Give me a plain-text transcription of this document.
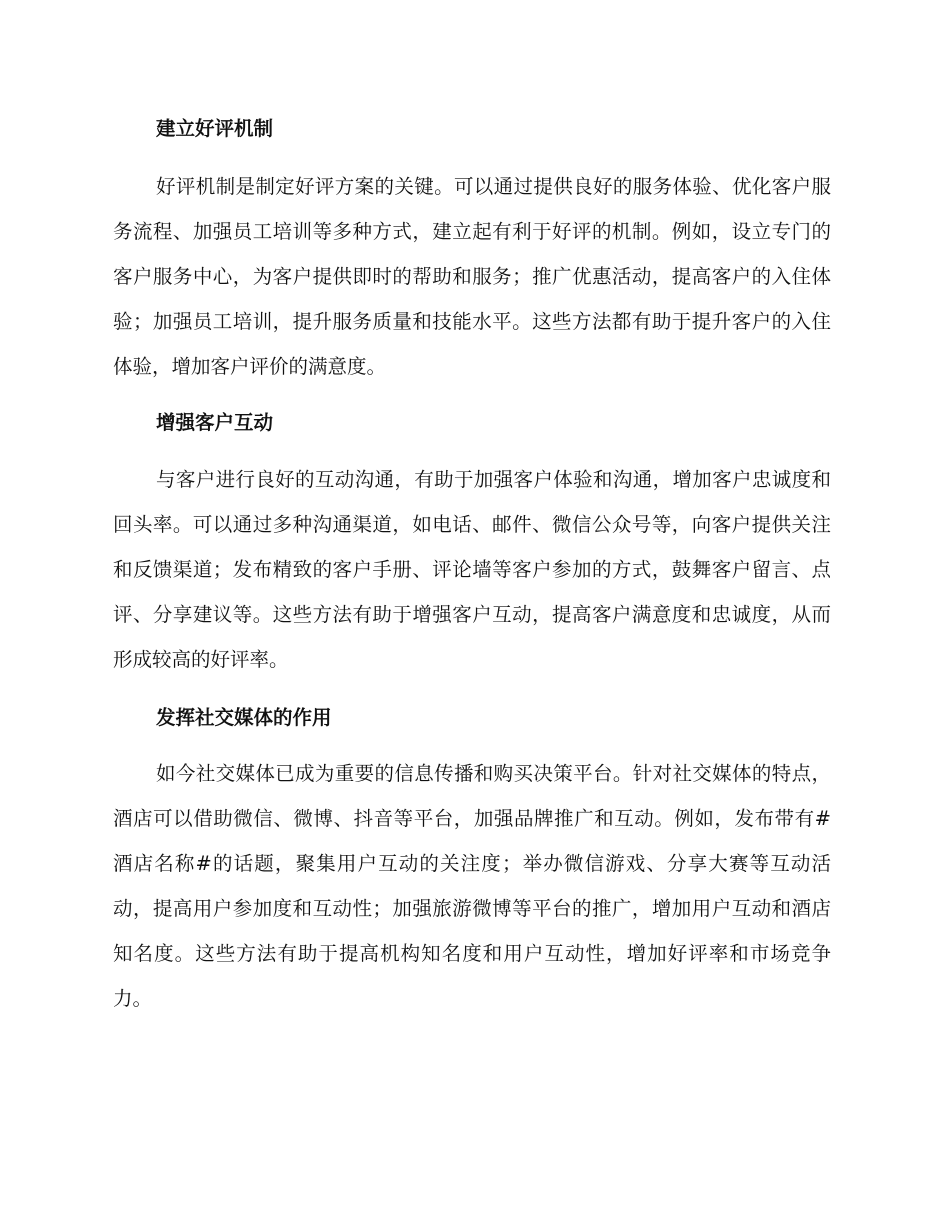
建立好评机制

好评机制是制定好评方案的关键。可以通过提供良好的服务体验、优化客户服务流程、加强员工培训等多种方式，建立起有利于好评的机制。例如，设立专门的客户服务中心，为客户提供即时的帮助和服务；推广优惠活动，提高客户的入住体验；加强员工培训，提升服务质量和技能水平。这些方法都有助于提升客户的入住体验，增加客户评价的满意度。

增强客户互动

与客户进行良好的互动沟通，有助于加强客户体验和沟通，增加客户忠诚度和回头率。可以通过多种沟通渠道，如电话、邮件、微信公众号等，向客户提供关注和反馈渠道；发布精致的客户手册、评论墙等客户参加的方式，鼓舞客户留言、点评、分享建议等。这些方法有助于增强客户互动，提高客户满意度和忠诚度，从而形成较高的好评率。

发挥社交媒体的作用

如今社交媒体已成为重要的信息传播和购买决策平台。针对社交媒体的特点，酒店可以借助微信、微博、抖音等平台，加强品牌推广和互动。例如，发布带有#酒店名称#的话题，聚集用户互动的关注度；举办微信游戏、分享大赛等互动活动，提高用户参加度和互动性；加强旅游微博等平台的推广，增加用户互动和酒店知名度。这些方法有助于提高机构知名度和用户互动性，增加好评率和市场竞争力。
